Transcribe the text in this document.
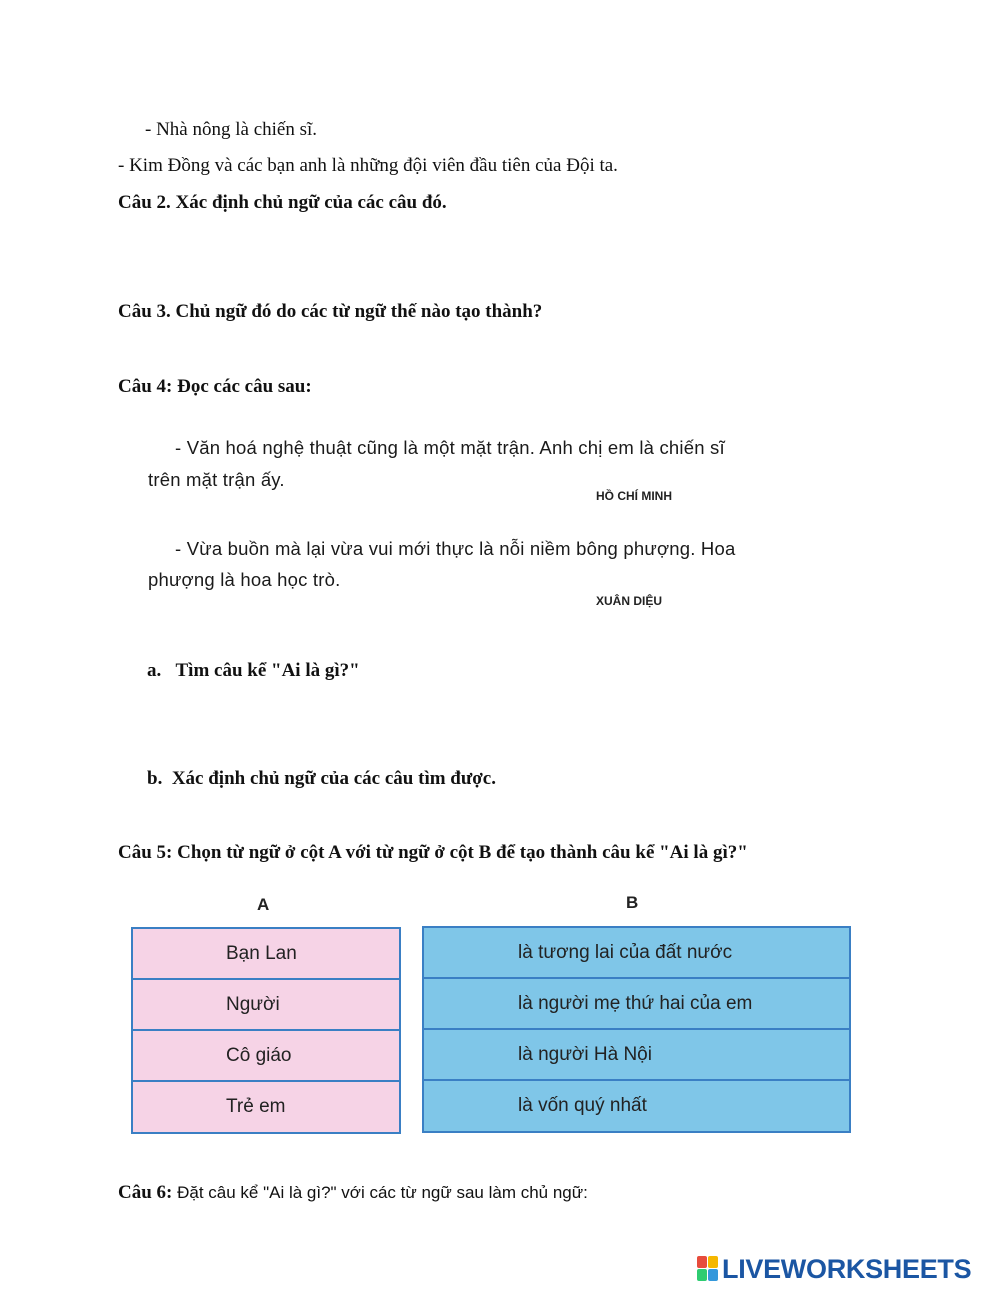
- Nhà nông là chiến sĩ.
- Kim Đồng và các bạn anh là những đội viên đầu tiên của Đội ta.
Câu 2. Xác định chủ ngữ của các câu đó.
Câu 3. Chủ ngữ đó do các từ ngữ thế nào tạo thành?
Câu 4: Đọc các câu sau:
- Văn hoá nghệ thuật cũng là một mặt trận. Anh chị em là chiến sĩ
trên mặt trận ấy.
HỒ CHÍ MINH
- Vừa buồn mà lại vừa vui mới thực là nỗi niềm bông phượng. Hoa
phượng là hoa học trò.
XUÂN DIỆU
a. Tìm câu kể "Ai là gì?"
b. Xác định chủ ngữ của các câu tìm được.
Câu 5: Chọn từ ngữ ở cột A với từ ngữ ở cột B để tạo thành câu kể "Ai là gì?"
A	B
Bạn Lan
Người
Cô giáo
Trẻ em
là tương lai của đất nước
là người mẹ thứ hai của em
là người Hà Nội
là vốn quý nhất
Câu 6: Đặt câu kể "Ai là gì?" với các từ ngữ sau làm chủ ngữ:
LIVEWORKSHEETS
